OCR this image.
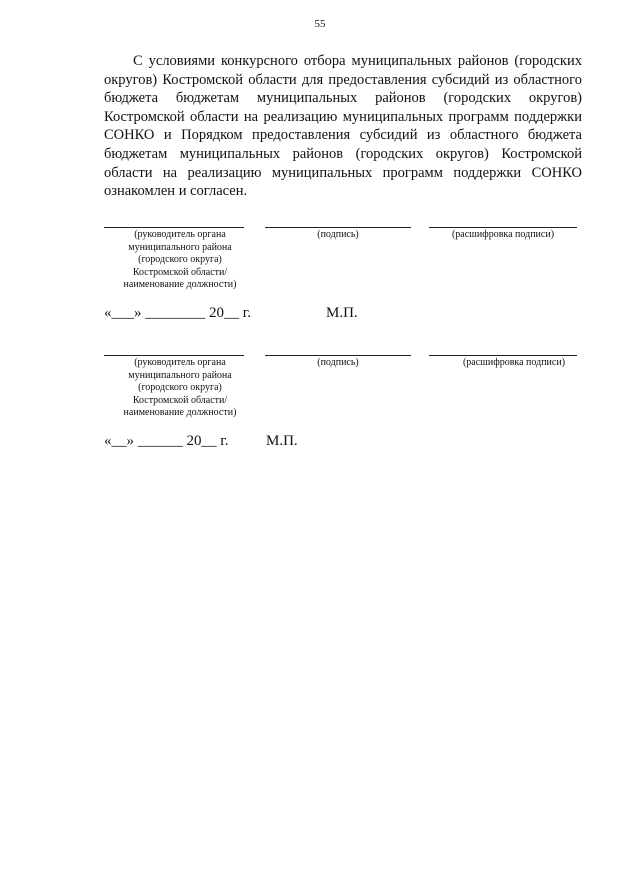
55

С условиями конкурсного отбора муниципальных районов (городских округов) Костромской области для предоставления субсидий из областного бюджета бюджетам муниципальных районов (городских округов) Костромской области на реализацию муниципальных программ поддержки СОНКО и Порядком предоставления субсидий из областного бюджета бюджетам муниципальных районов (городских округов) Костромской области на реализацию муниципальных программ поддержки СОНКО ознакомлен и согласен.

(руководитель органа
муниципального района
(городского округа)
Костромской области/
наименование должности)
(подпись)	(расшифровка подписи)
«___» ________ 20__ г.	М.П.
(руководитель органа
муниципального района
(городского округа)
Костромской области/
наименование должности)
(подпись)	(расшифровка подписи)
«__» ______ 20__ г.	М.П.
